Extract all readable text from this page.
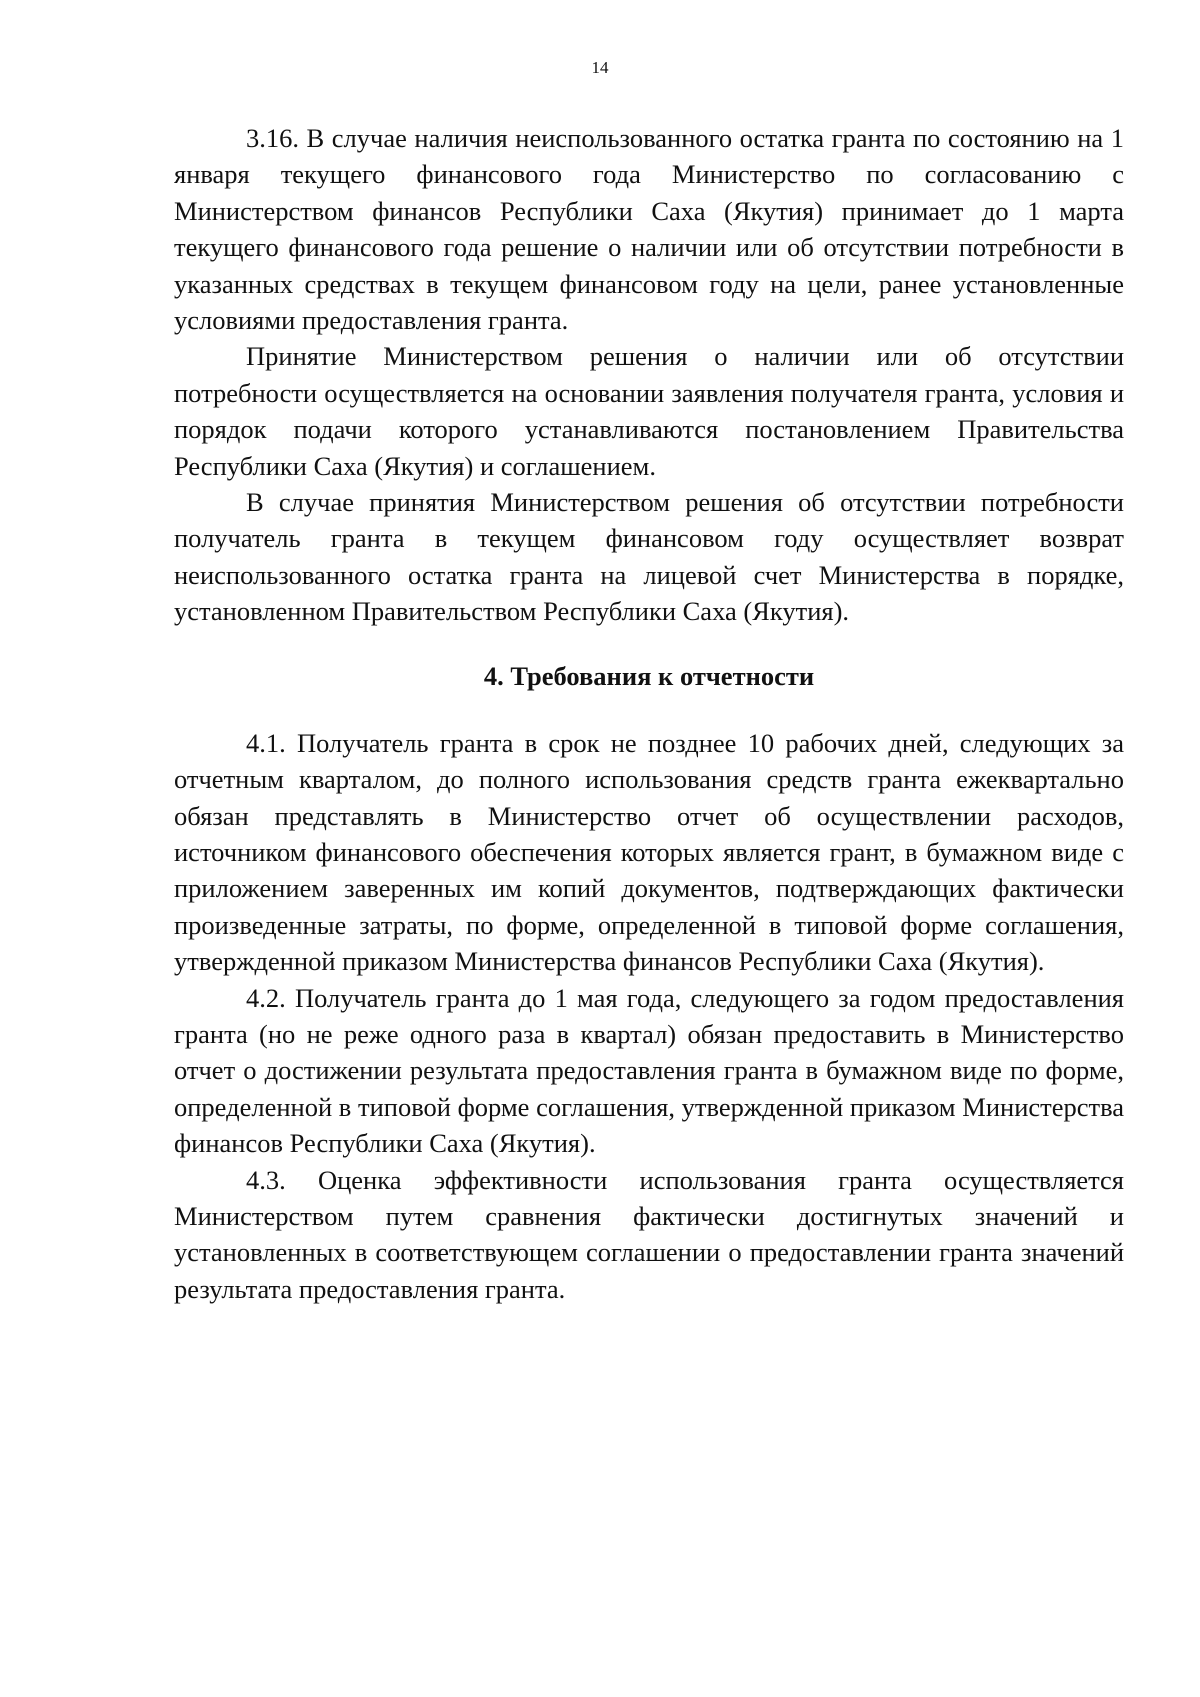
14

3.16. В случае наличия неиспользованного остатка гранта по состоянию на 1 января текущего финансового года Министерство по согласованию с Министерством финансов Республики Саха (Якутия) принимает до 1 марта текущего финансового года решение о наличии или об отсутствии потребности в указанных средствах в текущем финансовом году на цели, ранее установленные условиями предоставления гранта.

Принятие Министерством решения о наличии или об отсутствии потребности осуществляется на основании заявления получателя гранта, условия и порядок подачи которого устанавливаются постановлением Правительства Республики Саха (Якутия) и соглашением.

В случае принятия Министерством решения об отсутствии потребности получатель гранта в текущем финансовом году осуществляет возврат неиспользованного остатка гранта на лицевой счет Министерства в порядке, установленном Правительством Республики Саха (Якутия).

4. Требования к отчетности

4.1. Получатель гранта в срок не позднее 10 рабочих дней, следующих за отчетным кварталом, до полного использования средств гранта ежеквартально обязан представлять в Министерство отчет об осуществлении расходов, источником финансового обеспечения которых является грант, в бумажном виде с приложением заверенных им копий документов, подтверждающих фактически произведенные затраты, по форме, определенной в типовой форме соглашения, утвержденной приказом Министерства финансов Республики Саха (Якутия).

4.2. Получатель гранта до 1 мая года, следующего за годом предоставления гранта (но не реже одного раза в квартал) обязан предоставить в Министерство отчет о достижении результата предоставления гранта в бумажном виде по форме, определенной в типовой форме соглашения, утвержденной приказом Министерства финансов Республики Саха (Якутия).

4.3. Оценка эффективности использования гранта осуществляется Министерством путем сравнения фактически достигнутых значений и установленных в соответствующем соглашении о предоставлении гранта значений результата предоставления гранта.
